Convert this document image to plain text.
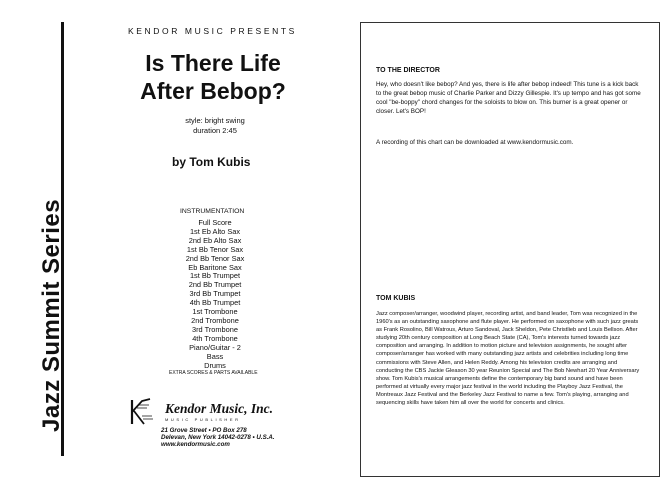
Jazz Summit Series
KENDOR MUSIC PRESENTS
Is There Life
After Bebop?
style: bright swing
duration 2:45
by Tom Kubis
INSTRUMENTATION
Full Score
1st Eb Alto Sax
2nd Eb Alto Sax
1st Bb Tenor Sax
2nd Bb Tenor Sax
Eb Baritone Sax
1st Bb Trumpet
2nd Bb Trumpet
3rd Bb Trumpet
4th Bb Trumpet
1st Trombone
2nd Trombone
3rd Trombone
4th Trombone
Piano/Guitar - 2
Bass
Drums
EXTRA SCORES & PARTS AVAILABLE
Kendor Music, Inc.
MUSIC PUBLISHER
21 Grove Street • PO Box 278
Delevan, New York 14042-0278 • U.S.A.
www.kendormusic.com
TO THE DIRECTOR

Hey, who doesn't like bebop? And yes, there is life after bebop indeed! This tune is a kick back to the great bebop music of Charlie Parker and Dizzy Gillespie. It's up tempo and has got some cool "be-boppy" chord changes for the soloists to blow on. This burner is a great opener or closer. Let's BOP!

A recording of this chart can be downloaded at www.kendormusic.com.

TOM KUBIS

Jazz composer/arranger, woodwind player, recording artist, and band leader, Tom was recognized in the 1960's as an outstanding saxophone and flute player. He performed on saxophone with such jazz greats as Frank Rosolino, Bill Watrous, Arturo Sandoval, Jack Sheldon, Pete Christlieb and Louis Bellson. After studying 20th century composition at Long Beach State (CA), Tom's interests turned towards jazz composition and arranging. In addition to motion picture and television assignments, he sought after composer/arranger has worked with many outstanding jazz artists and celebrities including long time commissions with Steve Allen, and Helen Reddy. Among his television credits are arranging and conducting the CBS Jackie Gleason 30 year Reunion Special and The Bob Newhart 20 Year Anniversary show. Tom Kubis's musical arrangements define the contemporary big band sound and have been performed at virtually every major jazz festival in the world including the Playboy Jazz Festival, the Montreaux Jazz Festival and the Berkeley Jazz Festival to name a few. Tom's playing, arranging and sequencing skills have taken him all over the world for concerts and clinics.
